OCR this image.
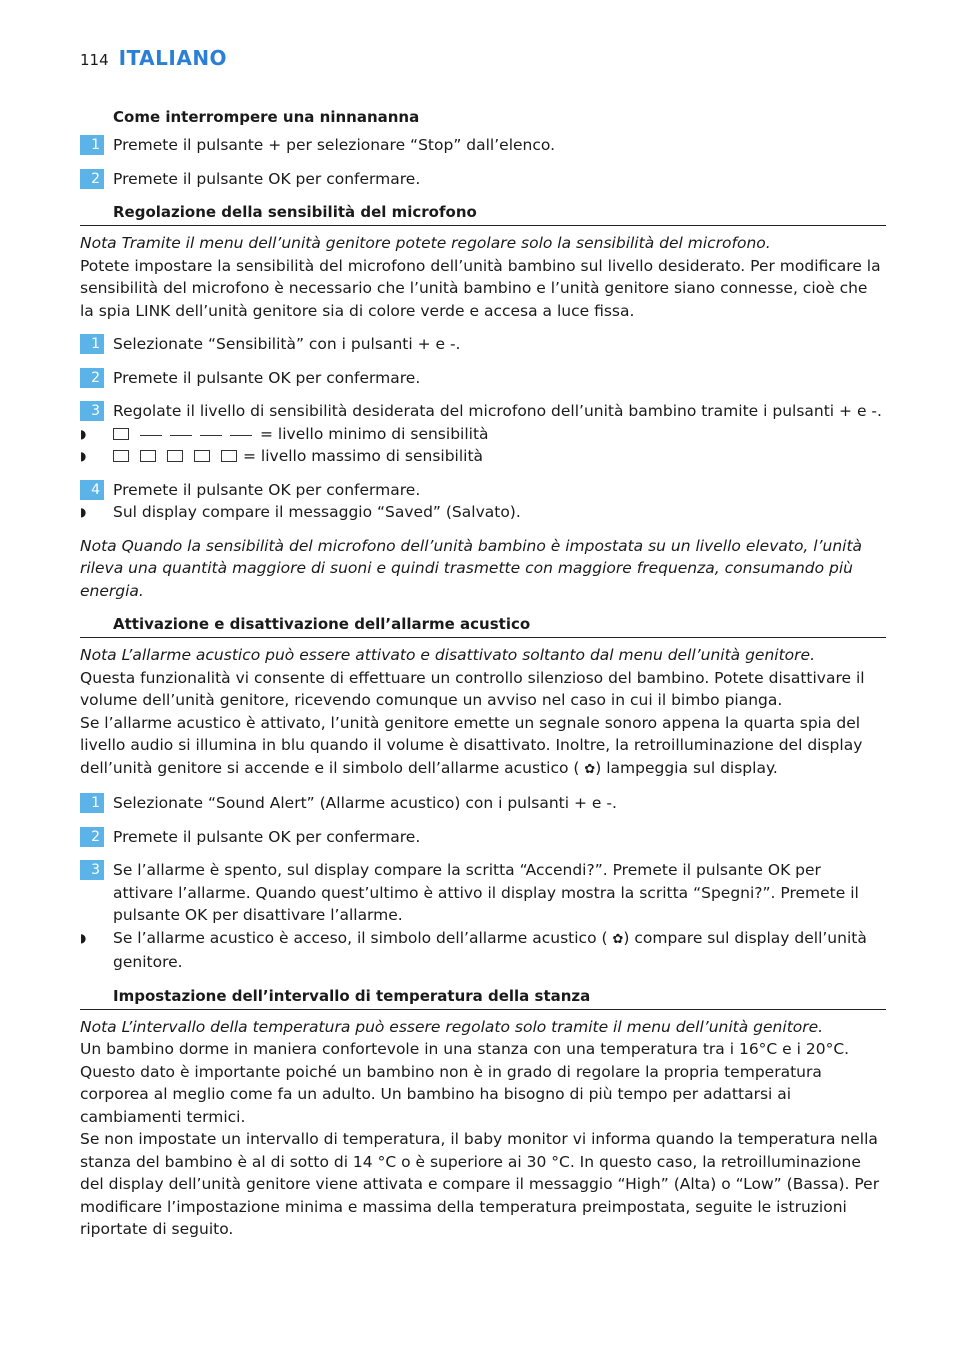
114 ITALIANO
Come interrompere una ninnananna
1 Premete il pulsante + per selezionare “Stop” dall’elenco.
2 Premete il pulsante OK per confermare.
Regolazione della sensibilità del microfono

Nota Tramite il menu dell’unità genitore potete regolare solo la sensibilità del microfono.

Potete impostare la sensibilità del microfono dell’unità bambino sul livello desiderato. Per modificare la sensibilità del microfono è necessario che l’unità bambino e l’unità genitore siano connesse, cioè che la spia LINK dell’unità genitore sia di colore verde e accesa a luce fissa.

1 Selezionate “Sensibilità” con i pulsanti + e -.
2 Premete il pulsante OK per confermare.
3 Regolate il livello di sensibilità desiderata del microfono dell’unità bambino tramite i pulsanti + e -.
◗	= livello minimo di sensibilità
◗	= livello massimo di sensibilità
4 Premete il pulsante OK per confermare.
◗	Sul display compare il messaggio “Saved” (Salvato).

Nota Quando la sensibilità del microfono dell’unità bambino è impostata su un livello elevato, l’unità rileva una quantità maggiore di suoni e quindi trasmette con maggiore frequenza, consumando più energia.

Attivazione e disattivazione dell’allarme acustico

Nota L’allarme acustico può essere attivato e disattivato soltanto dal menu dell’unità genitore.

Questa funzionalità vi consente di effettuare un controllo silenzioso del bambino. Potete disattivare il volume dell’unità genitore, ricevendo comunque un avviso nel caso in cui il bimbo pianga.

Se l’allarme acustico è attivato, l’unità genitore emette un segnale sonoro appena la quarta spia del livello audio si illumina in blu quando il volume è disattivato. Inoltre, la retroilluminazione del display dell’unità genitore si accende e il simbolo dell’allarme acustico ( ✿) lampeggia sul display.

1 Selezionate “Sound Alert” (Allarme acustico) con i pulsanti + e -.
2 Premete il pulsante OK per confermare.
3 Se l’allarme è spento, sul display compare la scritta “Accendi?”. Premete il pulsante OK per attivare l’allarme. Quando quest’ultimo è attivo il display mostra la scritta “Spegni?”. Premete il pulsante OK per disattivare l’allarme.
◗	Se l’allarme acustico è acceso, il simbolo dell’allarme acustico ( ✿) compare sul display dell’unità genitore.
Impostazione dell’intervallo di temperatura della stanza

Nota L’intervallo della temperatura può essere regolato solo tramite il menu dell’unità genitore.

Un bambino dorme in maniera confortevole in una stanza con una temperatura tra i 16°C e i 20°C. Questo dato è importante poiché un bambino non è in grado di regolare la propria temperatura corporea al meglio come fa un adulto. Un bambino ha bisogno di più tempo per adattarsi ai cambiamenti termici.

Se non impostate un intervallo di temperatura, il baby monitor vi informa quando la temperatura nella stanza del bambino è al di sotto di 14 °C o è superiore ai 30 °C. In questo caso, la retroilluminazione del display dell’unità genitore viene attivata e compare il messaggio “High” (Alta) o “Low” (Bassa). Per modificare l’impostazione minima e massima della temperatura preimpostata, seguite le istruzioni riportate di seguito.
